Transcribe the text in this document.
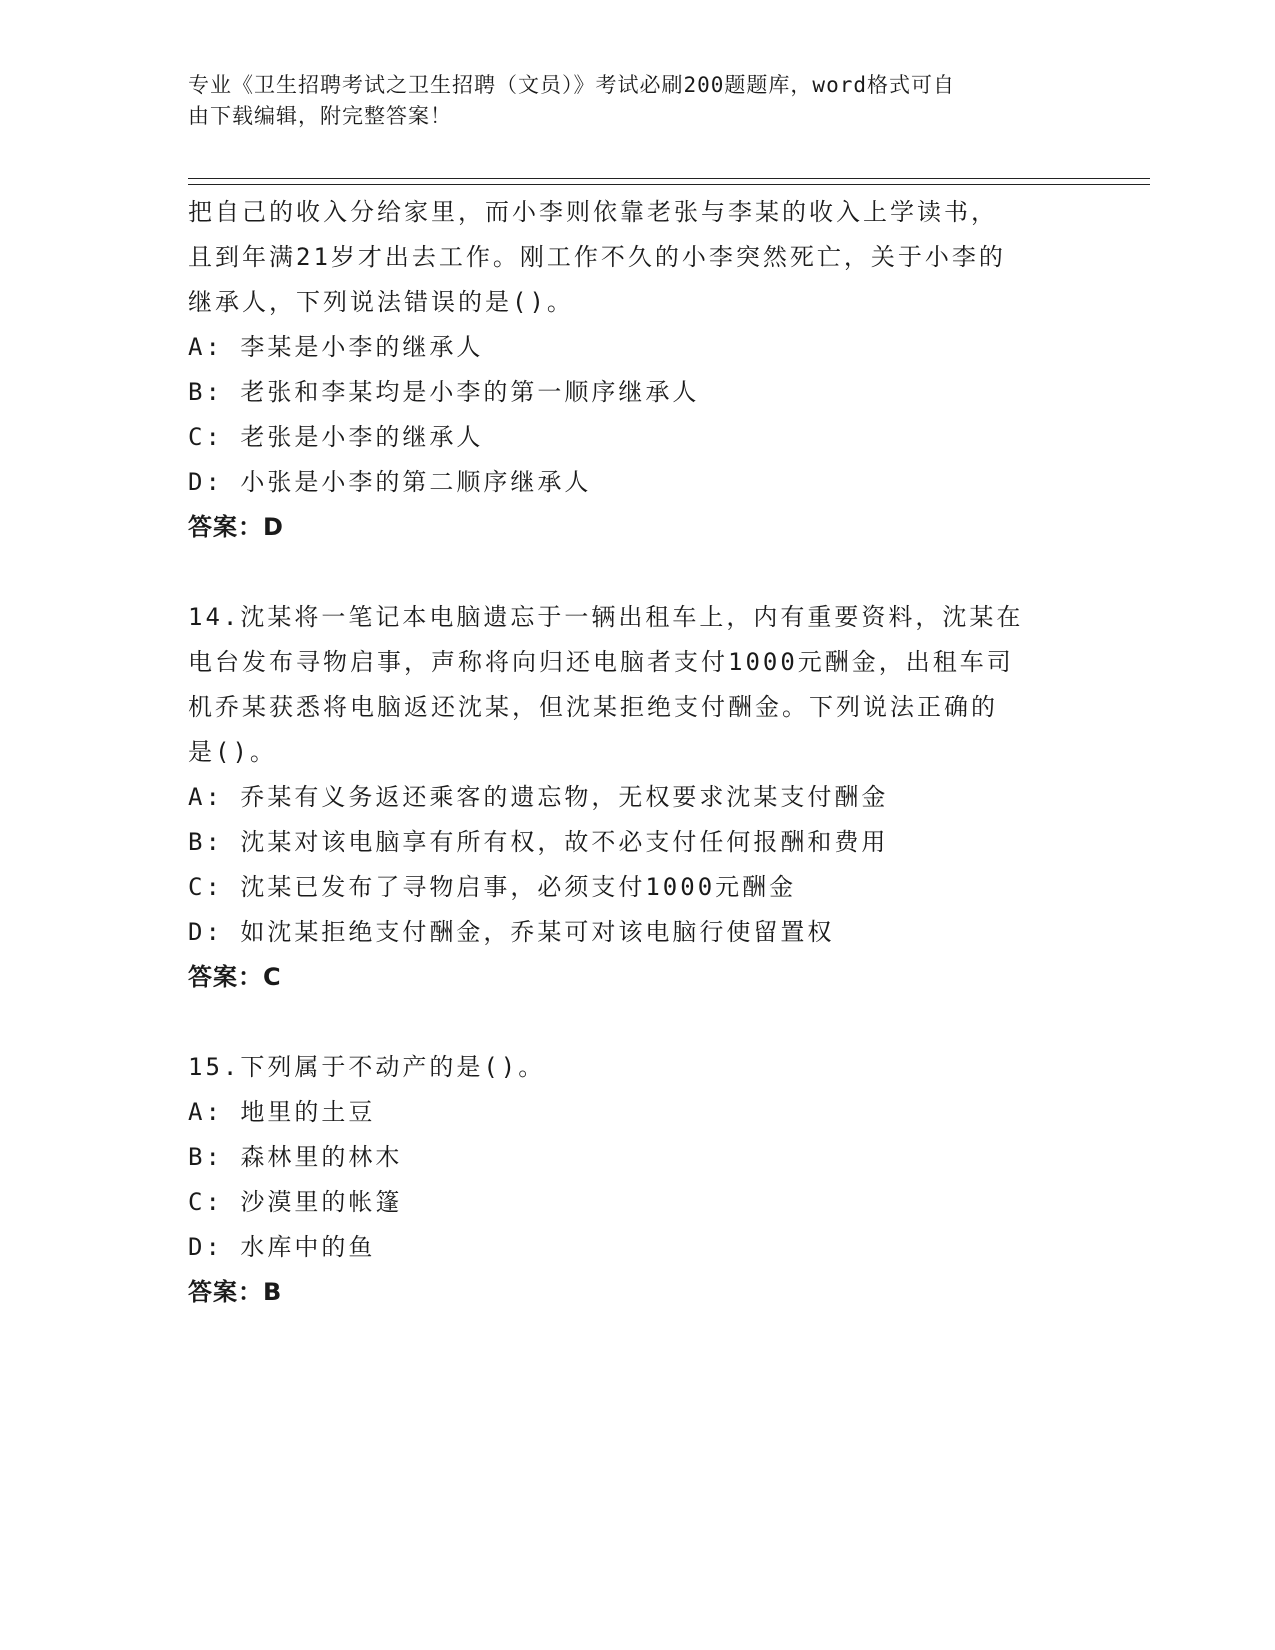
专业《卫生招聘考试之卫生招聘（文员）》考试必刷200题题库，word格式可自
由下载编辑，附完整答案！
把自己的收入分给家里，而小李则依靠老张与李某的收入上学读书，
且到年满21岁才出去工作。刚工作不久的小李突然死亡，关于小李的
继承人，下列说法错误的是()。
A: 李某是小李的继承人
B: 老张和李某均是小李的第一顺序继承人
C: 老张是小李的继承人
D: 小张是小李的第二顺序继承人
答案：D
14.沈某将一笔记本电脑遗忘于一辆出租车上，内有重要资料，沈某在
电台发布寻物启事，声称将向归还电脑者支付1000元酬金，出租车司
机乔某获悉将电脑返还沈某，但沈某拒绝支付酬金。下列说法正确的
是()。
A: 乔某有义务返还乘客的遗忘物，无权要求沈某支付酬金
B: 沈某对该电脑享有所有权，故不必支付任何报酬和费用
C: 沈某已发布了寻物启事，必须支付1000元酬金
D: 如沈某拒绝支付酬金，乔某可对该电脑行使留置权
答案：C
15.下列属于不动产的是()。
A: 地里的土豆
B: 森林里的林木
C: 沙漠里的帐篷
D: 水库中的鱼
答案：B
